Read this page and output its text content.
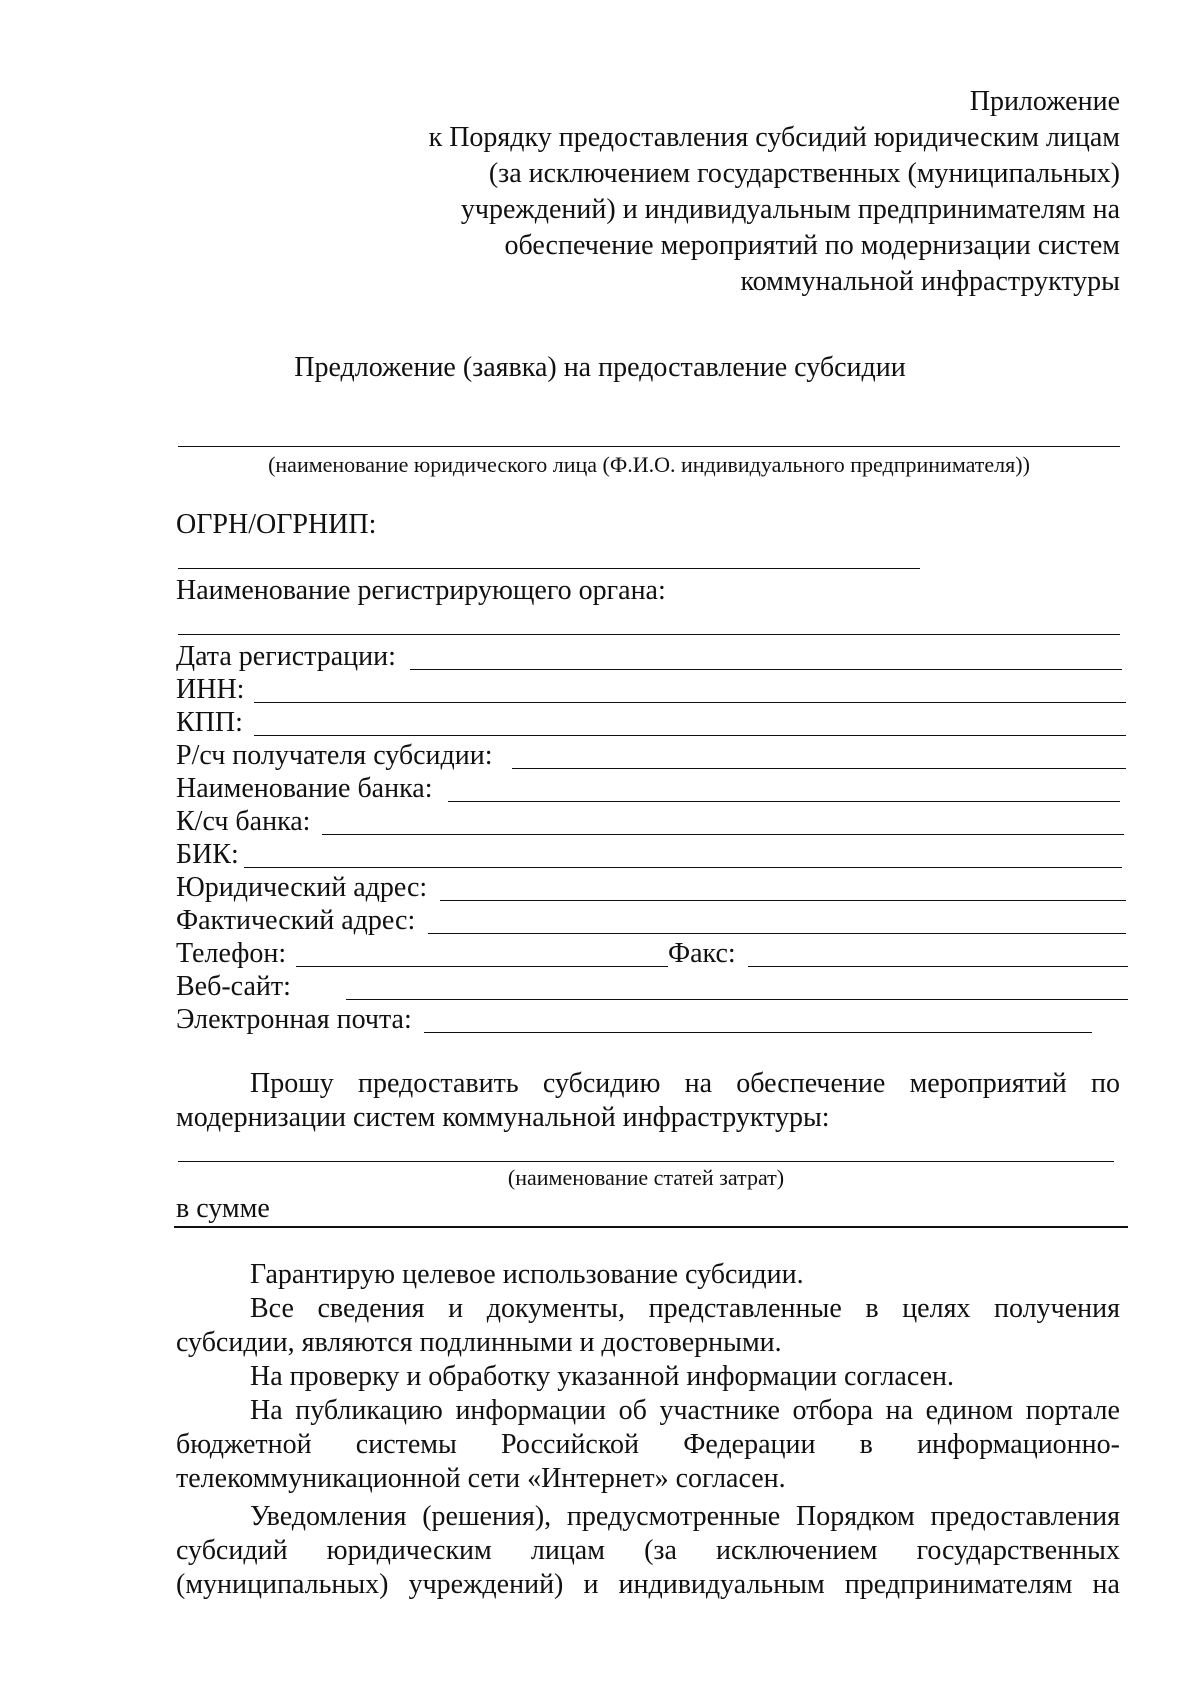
Приложение
к Порядку предоставления субсидий юридическим лицам
(за исключением государственных (муниципальных)
учреждений) и индивидуальным предпринимателям на
обеспечение мероприятий по модернизации систем
коммунальной инфраструктуры
Предложение (заявка) на предоставление субсидии
(наименование юридического лица (Ф.И.О. индивидуального предпринимателя))
ОГРН/ОГРНИП:
Наименование регистрирующего органа:
Дата регистрации:
ИНН:
КПП:
Р/сч получателя субсидии:
Наименование банка:
К/сч банка:
БИК:
Юридический адрес:
Фактический адрес:
Телефон:	Факс:
Веб-сайт:
Электронная почта:
Прошу предоставить субсидию на обеспечение мероприятий по
модернизации систем коммунальной инфраструктуры:
(наименование статей затрат)
в сумме
Гарантирую целевое использование субсидии.
Все сведения и документы, представленные в целях получения
субсидии, являются подлинными и достоверными.
На проверку и обработку указанной информации согласен.
На публикацию информации об участнике отбора на едином портале
бюджетной системы Российской Федерации в информационно-
телекоммуникационной сети «Интернет» согласен.
Уведомления (решения), предусмотренные Порядком предоставления
субсидий юридическим лицам (за исключением государственных
(муниципальных) учреждений) и индивидуальным предпринимателям на
